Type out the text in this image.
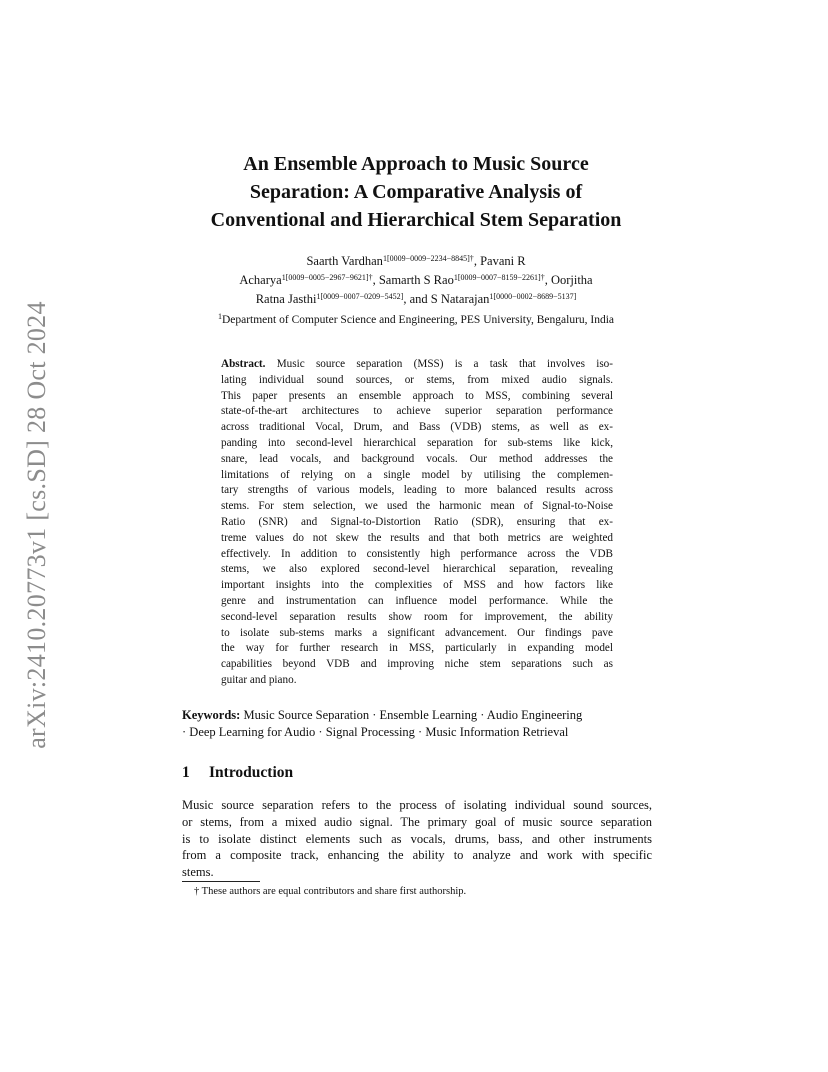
arXiv:2410.20773v1 [cs.SD] 28 Oct 2024
An Ensemble Approach to Music Source
Separation: A Comparative Analysis of
Conventional and Hierarchical Stem Separation
Saarth Vardhan$^{1[0009-0009-2234-8845]\dagger}$, Pavani R
Acharya$^{1[0009-0005-2967-9621]\dagger}$, Samarth S Rao$^{1[0009-0007-8159-2261]\dagger}$, Oorjitha
Ratna Jasthi$^{1[0009-0007-0209-5452]}$, and S Natarajan$^{1[0000-0002-8689-5137]}$

$^1$Department of Computer Science and Engineering, PES University, Bengaluru, India

Abstract. Music source separation (MSS) is a task that involves iso-
lating individual sound sources, or stems, from mixed audio signals.
This paper presents an ensemble approach to MSS, combining several
state-of-the-art architectures to achieve superior separation performance
across traditional Vocal, Drum, and Bass (VDB) stems, as well as ex-
panding into second-level hierarchical separation for sub-stems like kick,
snare, lead vocals, and background vocals. Our method addresses the
limitations of relying on a single model by utilising the complemen-
tary strengths of various models, leading to more balanced results across
stems. For stem selection, we used the harmonic mean of Signal-to-Noise
Ratio (SNR) and Signal-to-Distortion Ratio (SDR), ensuring that ex-
treme values do not skew the results and that both metrics are weighted
effectively. In addition to consistently high performance across the VDB
stems, we also explored second-level hierarchical separation, revealing
important insights into the complexities of MSS and how factors like
genre and instrumentation can influence model performance. While the
second-level separation results show room for improvement, the ability
to isolate sub-stems marks a significant advancement. Our findings pave
the way for further research in MSS, particularly in expanding model
capabilities beyond VDB and improving niche stem separations such as
guitar and piano.
Keywords: Music Source Separation · Ensemble Learning · Audio Engineering
· Deep Learning for Audio · Signal Processing · Music Information Retrieval
1 Introduction
Music source separation refers to the process of isolating individual sound sources,
or stems, from a mixed audio signal. The primary goal of music source separation
is to isolate distinct elements such as vocals, drums, bass, and other instruments
from a composite track, enhancing the ability to analyze and work with specific
stems.

† These authors are equal contributors and share first authorship.
